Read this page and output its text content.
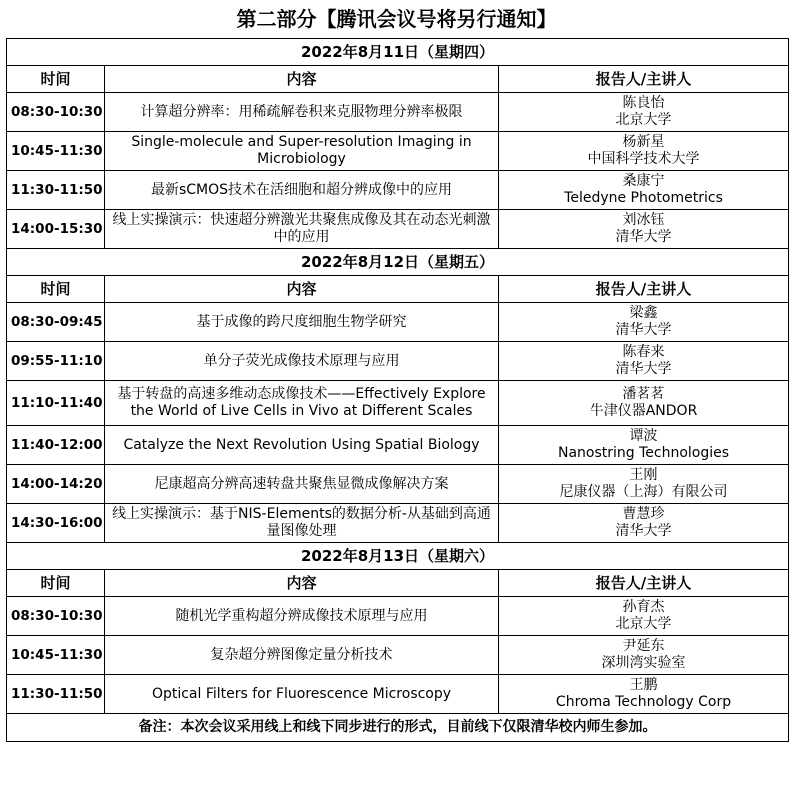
第二部分【腾讯会议号将另行通知】
2022年8月11日（星期四）		
时间	内容	报告人/主讲人
08:30-10:30	计算超分辨率：用稀疏解卷积来克服物理分辨率极限	陈良怡
北京大学

10:45-11:30	Single-molecule and Super-resolution Imaging in Microbiology	杨新星
中国科学技术大学

11:30-11:50	最新sCMOS技术在活细胞和超分辨成像中的应用	桑康宁
Teledyne Photometrics

14:00-15:30	线上实操演示：快速超分辨激光共聚焦成像及其在动态光刺激中的应用	刘冰钰
清华大学

2022年8月12日（星期五）		
时间	内容	报告人/主讲人
08:30-09:45	基于成像的跨尺度细胞生物学研究	梁鑫
清华大学

09:55-11:10	单分子荧光成像技术原理与应用	陈春来
清华大学

11:10-11:40	基于转盘的高速多维动态成像技术——Effectively Explore the World of Live Cells in Vivo at Different Scales	潘茗茗
牛津仪器ANDOR

11:40-12:00	Catalyze the Next Revolution Using Spatial Biology	谭波
Nanostring Technologies

14:00-14:20	尼康超高分辨高速转盘共聚焦显微成像解决方案	王刚
尼康仪器（上海）有限公司

14:30-16:00	线上实操演示：基于NIS-Elements的数据分析-从基础到高通量图像处理	曹慧珍
清华大学

2022年8月13日（星期六）		
时间	内容	报告人/主讲人
08:30-10:30	随机光学重构超分辨成像技术原理与应用	孙育杰
北京大学

10:45-11:30	复杂超分辨图像定量分析技术	尹延东
深圳湾实验室

11:30-11:50	Optical Filters for Fluorescence Microscopy	王鹏
Chroma Technology Corp

备注：本次会议采用线上和线下同步进行的形式，目前线下仅限清华校内师生参加。		
